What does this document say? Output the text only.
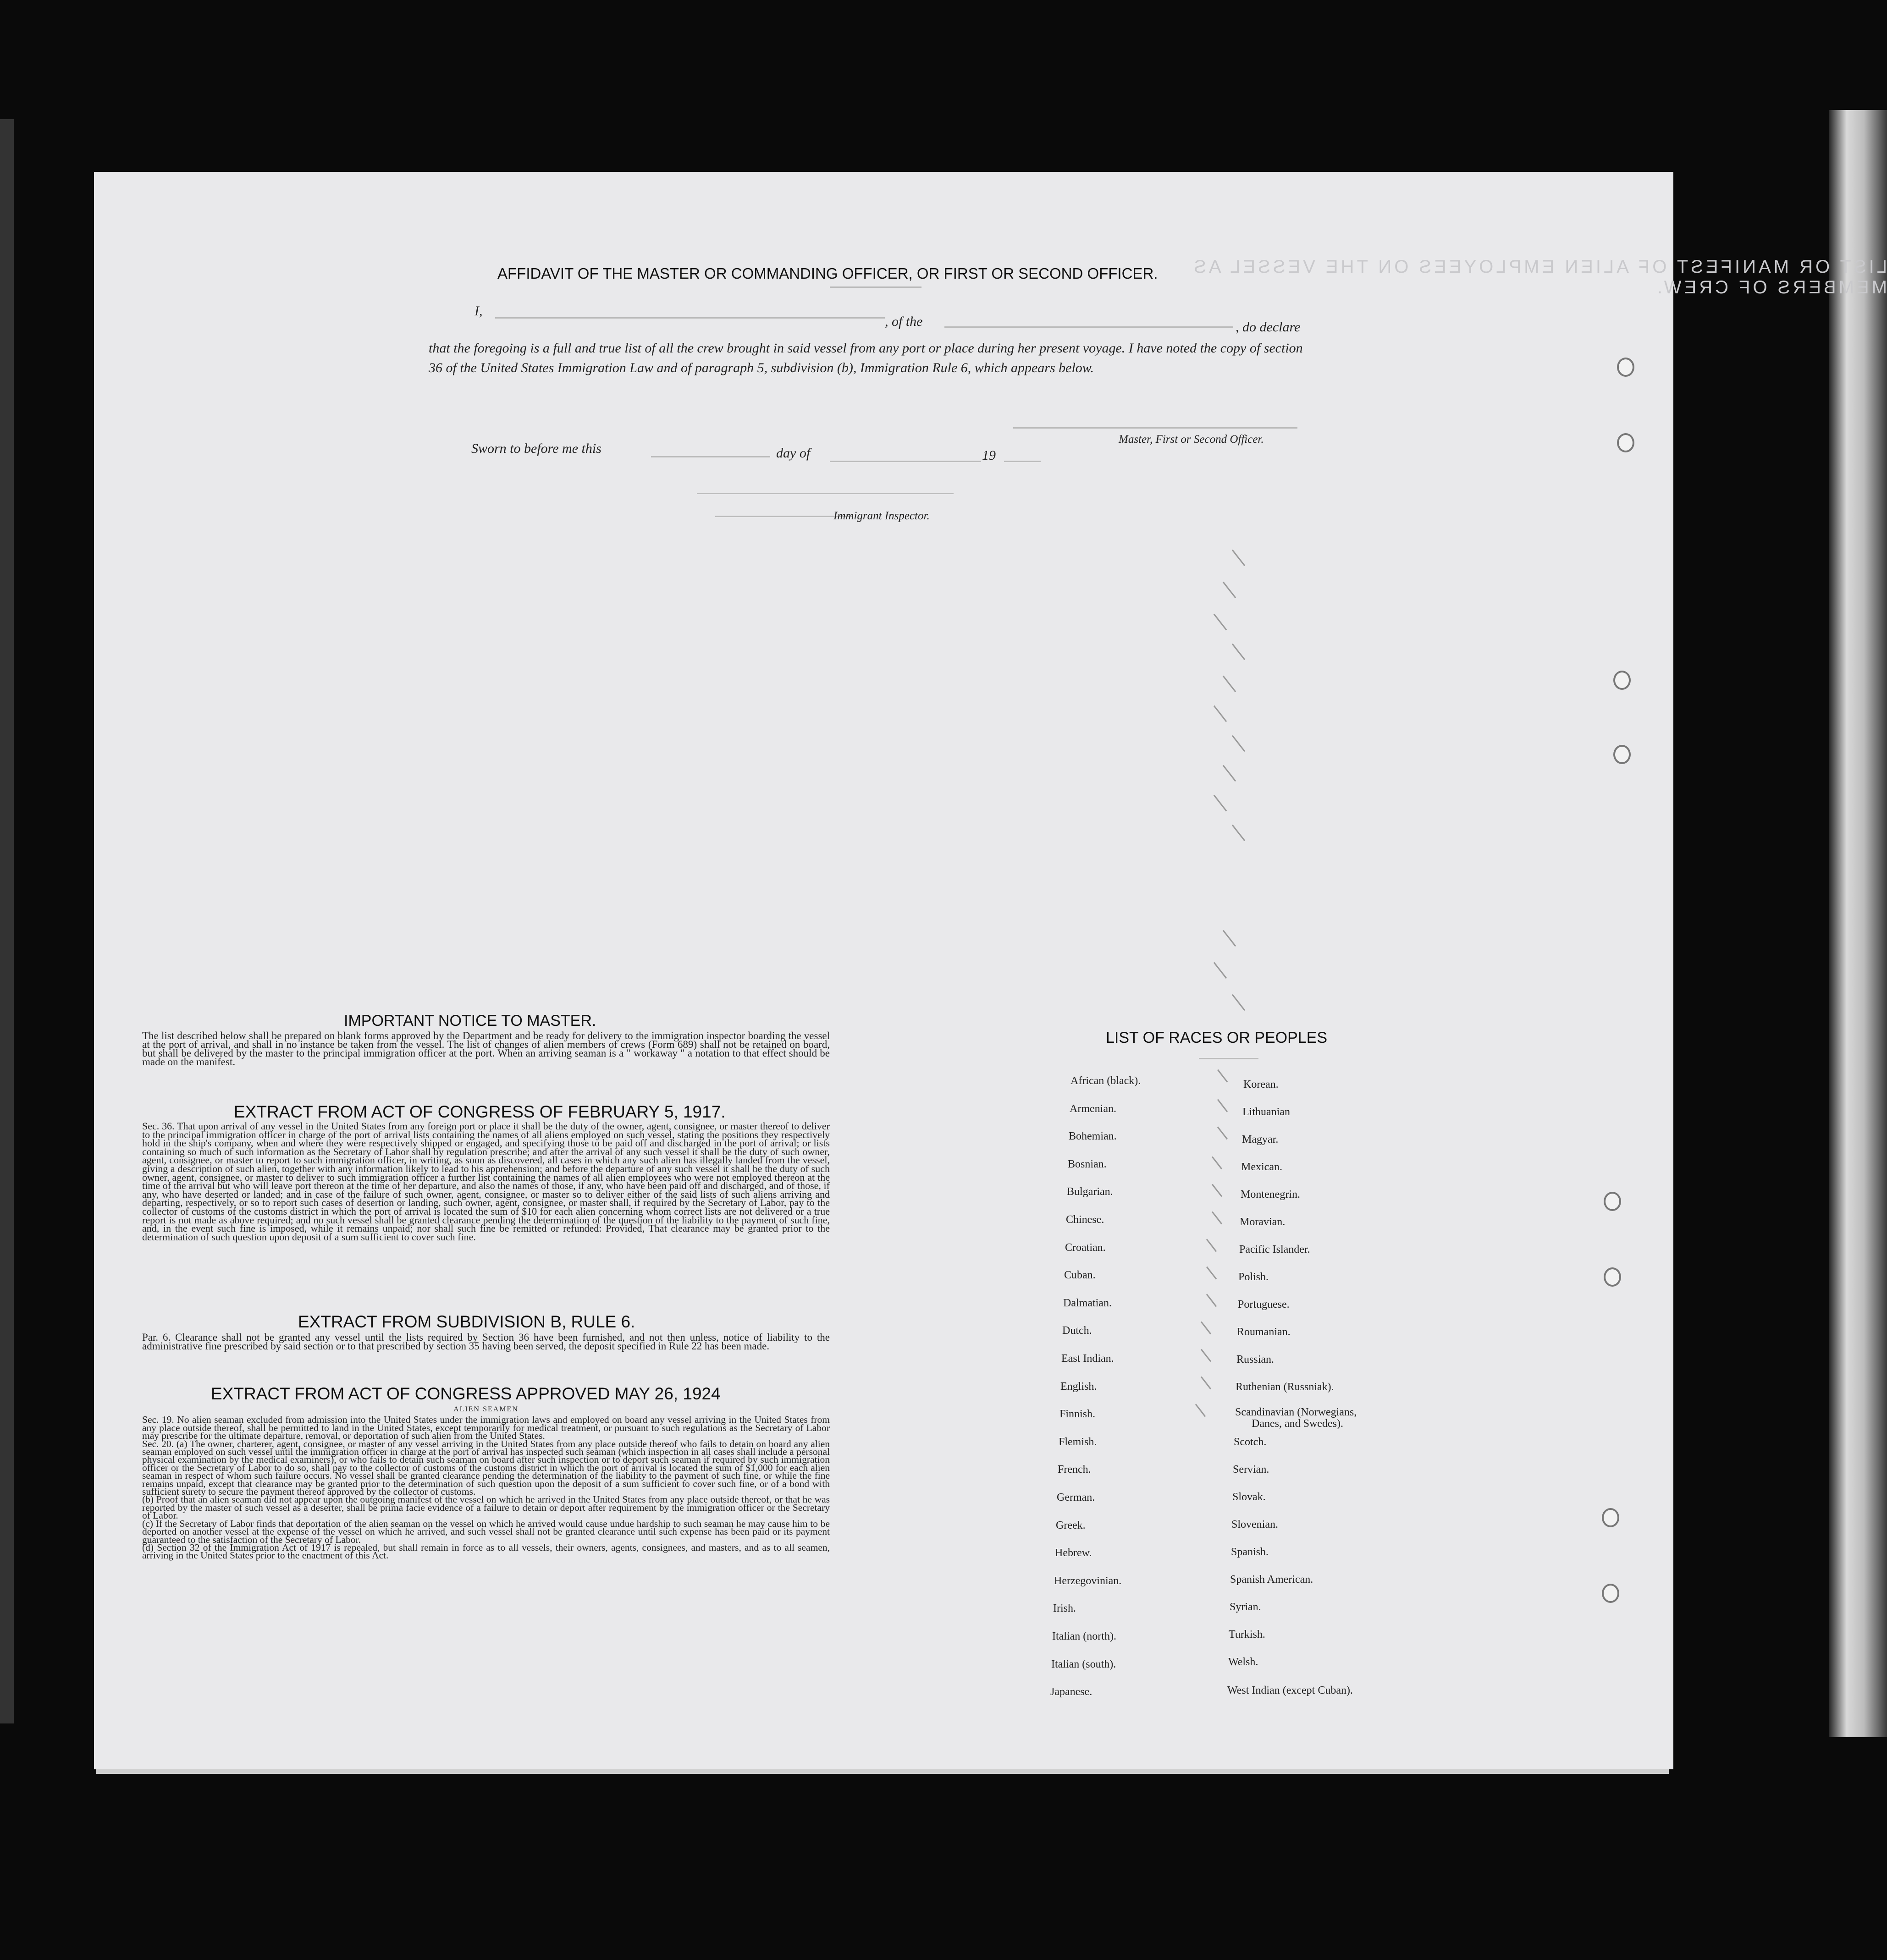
LIST OR MANIFEST OF ALIEN EMPLOYEES ON THE VESSEL AS MEMBERS OF CREW.
AFFIDAVIT OF THE MASTER OR COMMANDING OFFICER, OR FIRST OR SECOND OFFICER.
I,
, of the	, do declare
that the foregoing is a full and true list of all the crew brought in said vessel from any port or place during her present voyage. I have noted the copy of section 36 of the United States Immigration Law and of paragraph 5, subdivision (b), Immigration Rule 6, which appears below.
Master, First or Second Officer.
Sworn to before me this	day of	19
Immigrant Inspector.
IMPORTANT NOTICE TO MASTER.
The list described below shall be prepared on blank forms approved by the Department and be ready for delivery to the immigration inspector boarding the vessel at the port of arrival, and shall in no instance be taken from the vessel. The list of changes of alien members of crews (Form 689) shall not be retained on board, but shall be delivered by the master to the principal immigration officer at the port. When an arriving seaman is a " workaway " a notation to that effect should be made on the manifest.
EXTRACT FROM ACT OF CONGRESS OF FEBRUARY 5, 1917.
Sec. 36. That upon arrival of any vessel in the United States from any foreign port or place it shall be the duty of the owner, agent, consignee, or master thereof to deliver to the principal immigration officer in charge of the port of arrival lists containing the names of all aliens employed on such vessel, stating the positions they respectively hold in the ship's company, when and where they were respectively shipped or engaged, and specifying those to be paid off and discharged in the port of arrival; or lists containing so much of such information as the Secretary of Labor shall by regulation prescribe; and after the arrival of any such vessel it shall be the duty of such owner, agent, consignee, or master to report to such immigration officer, in writing, as soon as discovered, all cases in which any such alien has illegally landed from the vessel, giving a description of such alien, together with any information likely to lead to his apprehension; and before the departure of any such vessel it shall be the duty of such owner, agent, consignee, or master to deliver to such immigration officer a further list containing the names of all alien employees who were not employed thereon at the time of the arrival but who will leave port thereon at the time of her departure, and also the names of those, if any, who have been paid off and discharged, and of those, if any, who have deserted or landed; and in case of the failure of such owner, agent, consignee, or master so to deliver either of the said lists of such aliens arriving and departing, respectively, or so to report such cases of desertion or landing, such owner, agent, consignee, or master shall, if required by the Secretary of Labor, pay to the collector of customs of the customs district in which the port of arrival is located the sum of $10 for each alien concerning whom correct lists are not delivered or a true report is not made as above required; and no such vessel shall be granted clearance pending the determination of the question of the liability to the payment of such fine, and, in the event such fine is imposed, while it remains unpaid; nor shall such fine be remitted or refunded: Provided, That clearance may be granted prior to the determination of such question upon deposit of a sum sufficient to cover such fine.
EXTRACT FROM SUBDIVISION B, RULE 6.
Par. 6. Clearance shall not be granted any vessel until the lists required by Section 36 have been furnished, and not then unless, notice of liability to the administrative fine prescribed by said section or to that prescribed by section 35 having been served, the deposit specified in Rule 22 has been made.
EXTRACT FROM ACT OF CONGRESS APPROVED MAY 26, 1924
ALIEN SEAMEN

Sec. 19. No alien seaman excluded from admission into the United States under the immigration laws and employed on board any vessel arriving in the United States from any place outside thereof, shall be permitted to land in the United States, except temporarily for medical treatment, or pursuant to such regulations as the Secretary of Labor may prescribe for the ultimate departure, removal, or deportation of such alien from the United States.

Sec. 20. (a) The owner, charterer, agent, consignee, or master of any vessel arriving in the United States from any place outside thereof who fails to detain on board any alien seaman employed on such vessel until the immigration officer in charge at the port of arrival has inspected such seaman (which inspection in all cases shall include a personal physical examination by the medical examiners), or who fails to detain such seaman on board after such inspection or to deport such seaman if required by such immigration officer or the Secretary of Labor to do so, shall pay to the collector of customs of the customs district in which the port of arrival is located the sum of $1,000 for each alien seaman in respect of whom such failure occurs. No vessel shall be granted clearance pending the determination of the liability to the payment of such fine, or while the fine remains unpaid, except that clearance may be granted prior to the determination of such question upon the deposit of a sum sufficient to cover such fine, or of a bond with sufficient surety to secure the payment thereof approved by the collector of customs.

(b) Proof that an alien seaman did not appear upon the outgoing manifest of the vessel on which he arrived in the United States from any place outside thereof, or that he was reported by the master of such vessel as a deserter, shall be prima facie evidence of a failure to detain or deport after requirement by the immigration officer or the Secretary of Labor.

(c) If the Secretary of Labor finds that deportation of the alien seaman on the vessel on which he arrived would cause undue hardship to such seaman he may cause him to be deported on another vessel at the expense of the vessel on which he arrived, and such vessel shall not be granted clearance until such expense has been paid or its payment guaranteed to the satisfaction of the Secretary of Labor.

(d) Section 32 of the Immigration Act of 1917 is repealed, but shall remain in force as to all vessels, their owners, agents, consignees, and masters, and as to all seamen, arriving in the United States prior to the enactment of this Act.

LIST OF RACES OR PEOPLES
African (black).
Armenian.
Bohemian.
Bosnian.
Bulgarian.
Chinese.
Croatian.
Cuban.
Dalmatian.
Dutch.
East Indian.
English.
Finnish.
Flemish.
French.
German.
Greek.
Hebrew.
Herzegovinian.
Irish.
Italian (north).
Italian (south).
Japanese.
Korean.
Lithuanian
Magyar.
Mexican.
Montenegrin.
Moravian.
Pacific Islander.
Polish.
Portuguese.
Roumanian.
Russian.
Ruthenian (Russniak).
Scandinavian (Norwegians,
Danes, and Swedes).
Scotch.
Servian.
Slovak.
Slovenian.
Spanish.
Spanish American.
Syrian.
Turkish.
Welsh.
West Indian (except Cuban).
